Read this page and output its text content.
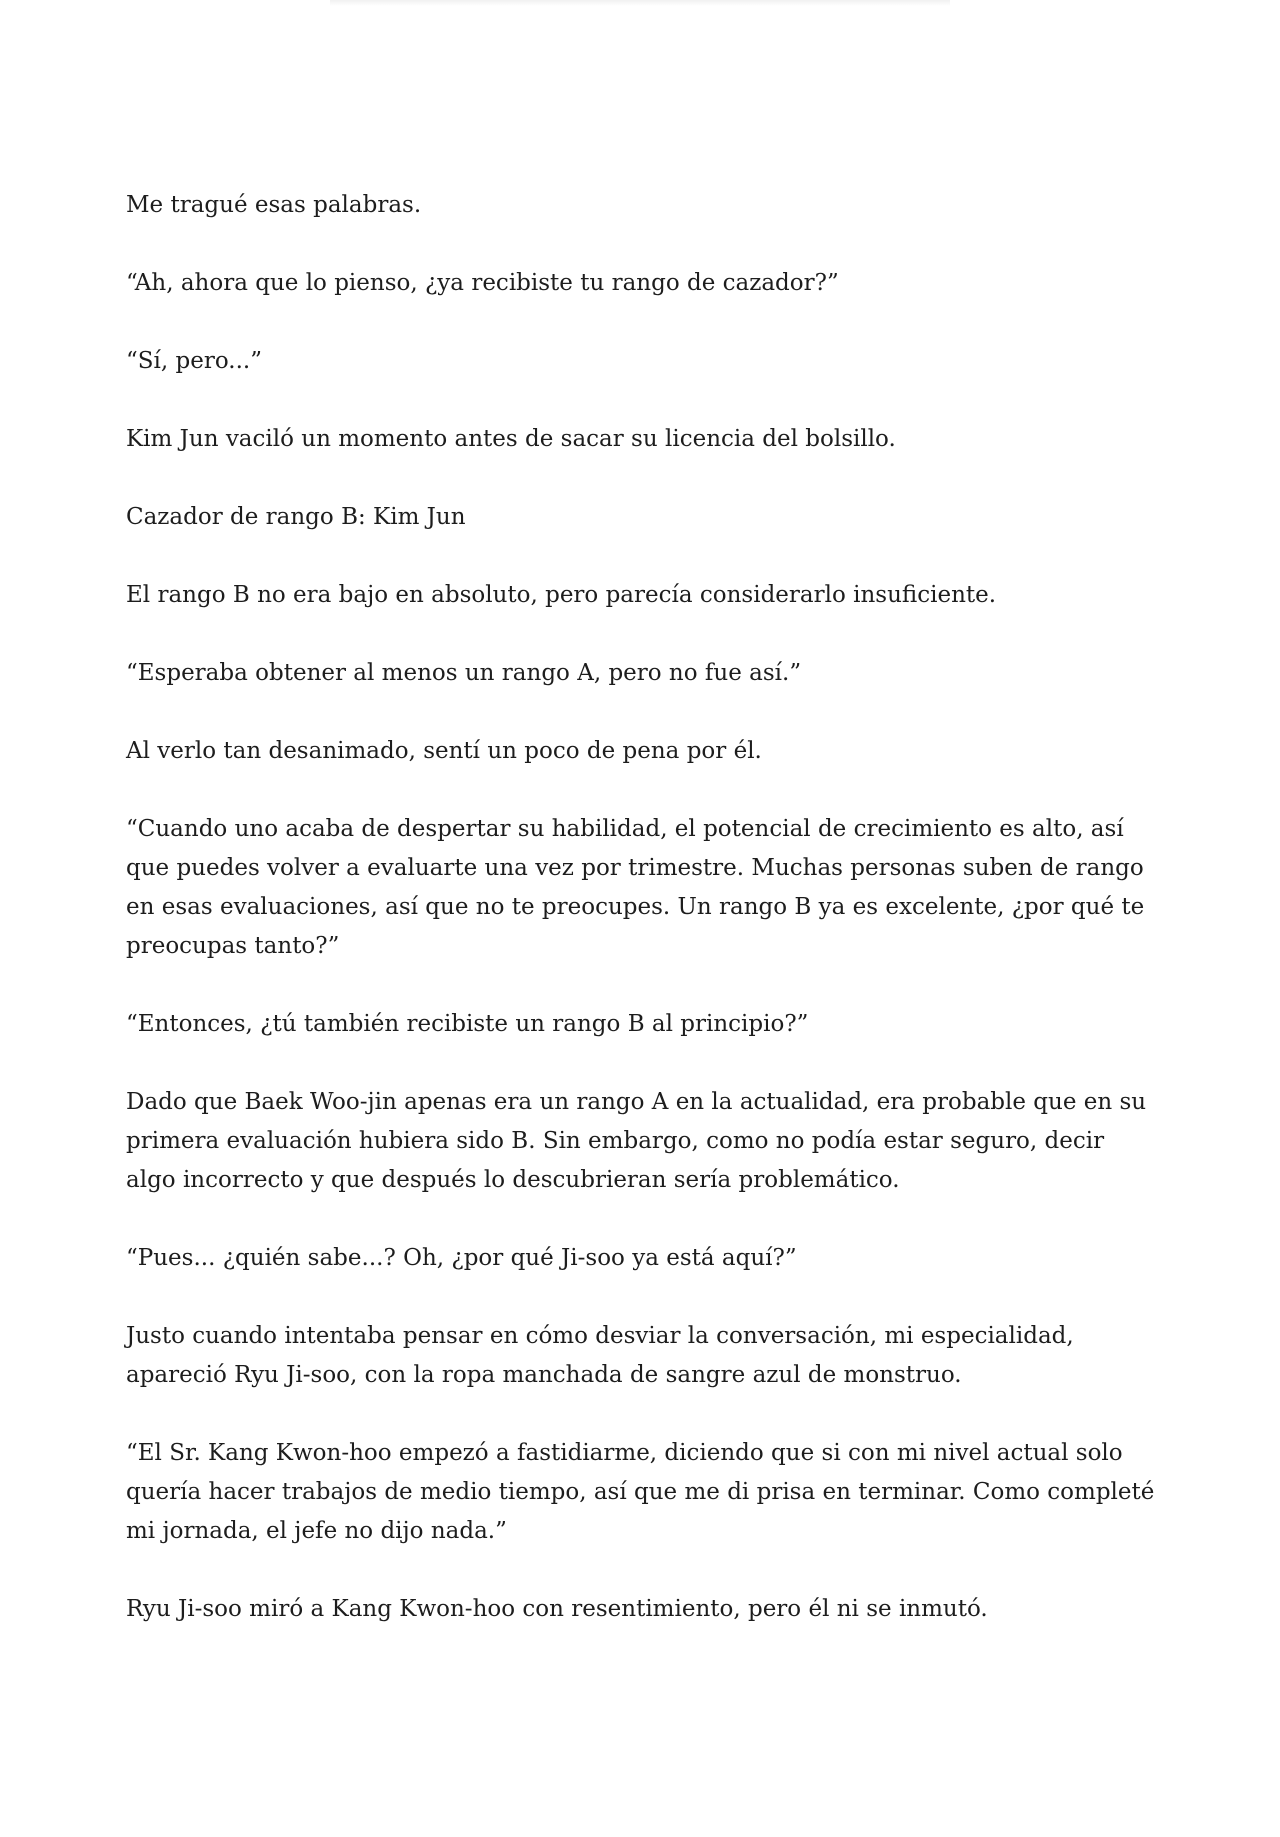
Me tragué esas palabras.

“Ah, ahora que lo pienso, ¿ya recibiste tu rango de cazador?”

“Sí, pero...”

Kim Jun vaciló un momento antes de sacar su licencia del bolsillo.

Cazador de rango B: Kim Jun

El rango B no era bajo en absoluto, pero parecía considerarlo insuficiente.

“Esperaba obtener al menos un rango A, pero no fue así.”

Al verlo tan desanimado, sentí un poco de pena por él.

“Cuando uno acaba de despertar su habilidad, el potencial de crecimiento es alto, así que puedes volver a evaluarte una vez por trimestre. Muchas personas suben de rango en esas evaluaciones, así que no te preocupes. Un rango B ya es excelente, ¿por qué te preocupas tanto?”

“Entonces, ¿tú también recibiste un rango B al principio?”

Dado que Baek Woo-jin apenas era un rango A en la actualidad, era probable que en su primera evaluación hubiera sido B. Sin embargo, como no podía estar seguro, decir algo incorrecto y que después lo descubrieran sería problemático.

“Pues... ¿quién sabe...? Oh, ¿por qué Ji-soo ya está aquí?”

Justo cuando intentaba pensar en cómo desviar la conversación, mi especialidad, apareció Ryu Ji-soo, con la ropa manchada de sangre azul de monstruo.

“El Sr. Kang Kwon-hoo empezó a fastidiarme, diciendo que si con mi nivel actual solo quería hacer trabajos de medio tiempo, así que me di prisa en terminar. Como completé mi jornada, el jefe no dijo nada.”

Ryu Ji-soo miró a Kang Kwon-hoo con resentimiento, pero él ni se inmutó.
